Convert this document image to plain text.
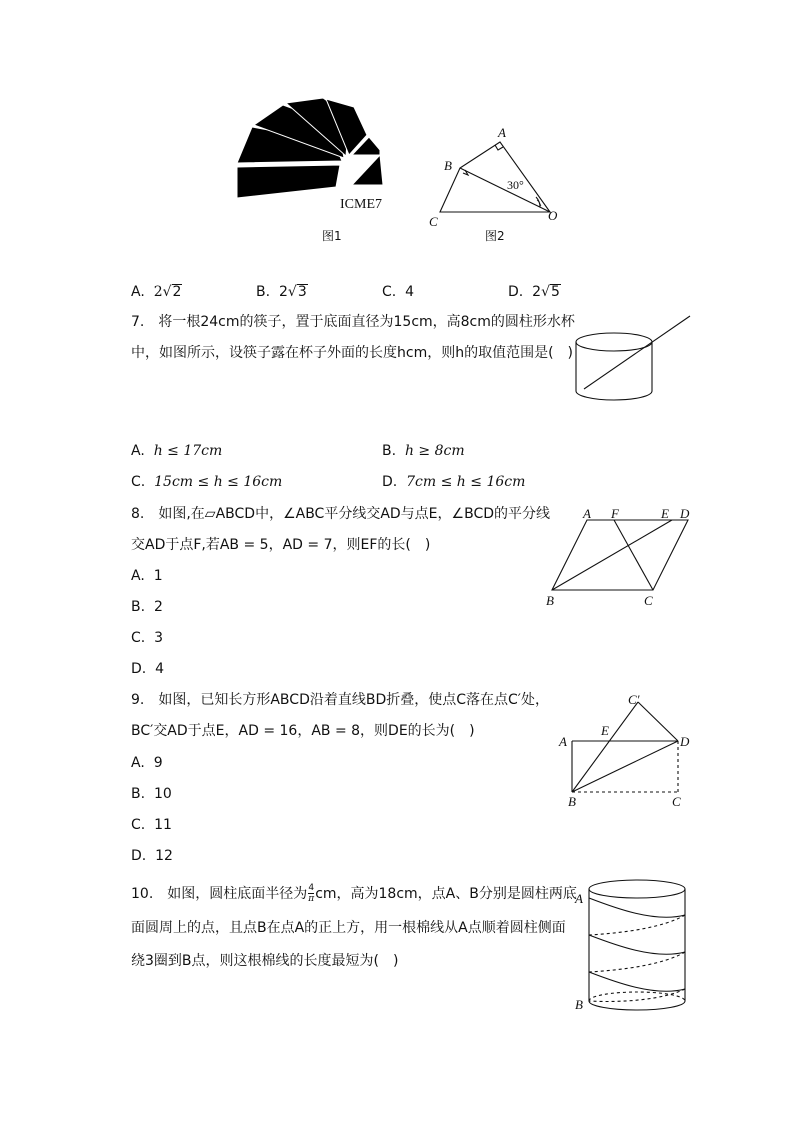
ICME7
图1
A
B
C	O
30°
图2
A. 2√2	B. 2√3	C. 4	D. 2√5
7.　将一根24cm的筷子，置于底面直径为15cm，高8cm的圆柱形水杯
中，如图所示，设筷子露在杯子外面的长度hcm，则h的取值范围是(　)
A. h ≤ 17cm	B. h ≥ 8cm
C. 15cm ≤ h ≤ 16cm	D. 7cm ≤ h ≤ 16cm
8.　如图,在▱ABCD中，∠ABC平分线交AD与点E，∠BCD的平分线
交AD于点F,若AB = 5，AD = 7，则EF的长(　)
A. 1
B. 2
C. 3
D. 4
A F	E D
B	C
9.　如图，已知长方形ABCD沿着直线BD折叠，使点C落在点C′处，
BC′交AD于点E，AD = 16，AB = 8，则DE的长为(　)
A. 9
B. 10
C. 11
D. 12
C′
E
A	D
B	C
10.　如图，圆柱底面半径为 $\frac{4}{\pi}$ cm，高为18cm，点A、B分别是圆柱两底
面圆周上的点，且点B在点A的正上方，用一根棉线从A点顺着圆柱侧面
绕3圈到B点，则这根棉线的长度最短为(　)
A
B
